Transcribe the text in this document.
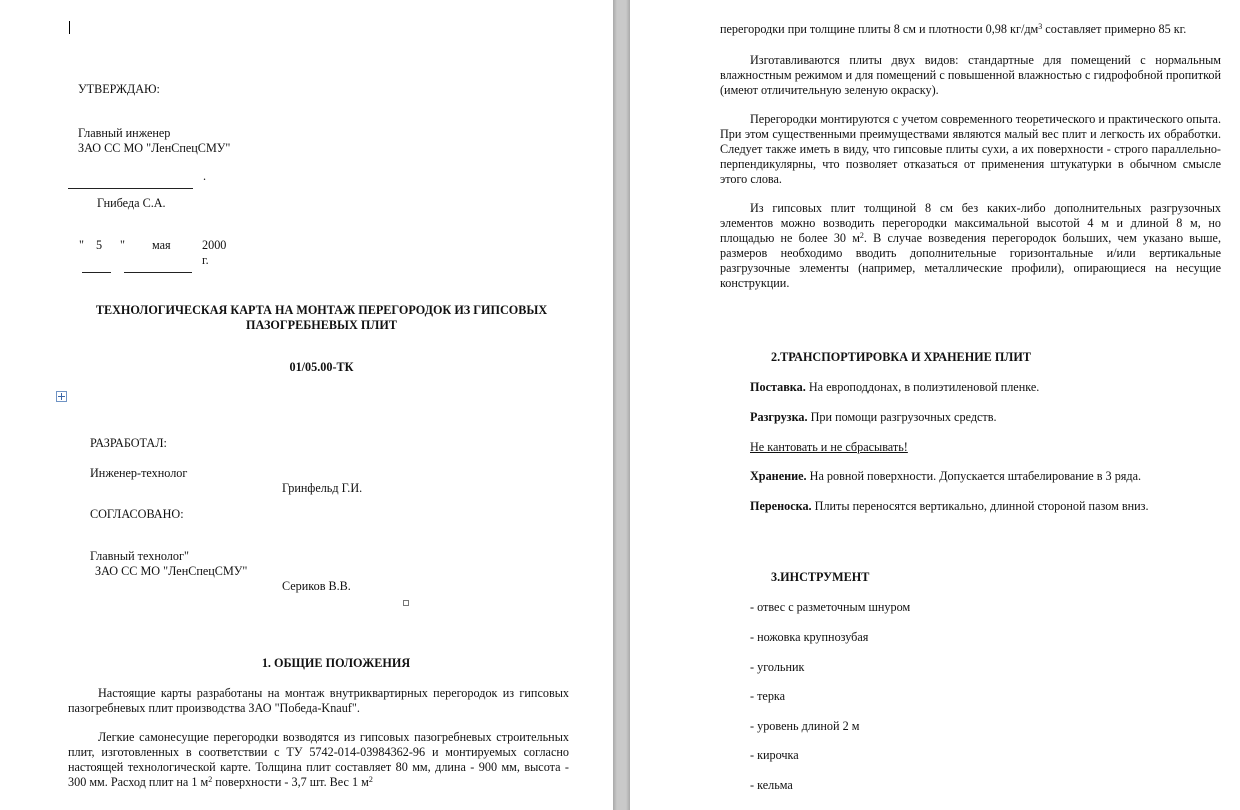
УТВЕРЖДАЮ:
Главный инженер
ЗАО СС МО "ЛенСпецСМУ"
.
Гнибеда С.А.
" 5 " мая	2000
г.
ТЕХНОЛОГИЧЕСКАЯ КАРТА НА МОНТАЖ ПЕРЕГОРОДОК ИЗ ГИПСОВЫХ
ПАЗОГРЕБНЕВЫХ ПЛИТ
01/05.00-ТК
РАЗРАБОТАЛ:
Инженер-технолог
Гринфельд Г.И.
СОГЛАСОВАНО:
Главный технолог"
ЗАО СС МО "ЛенСпецСМУ"
Сериков В.В.
1. ОБЩИЕ ПОЛОЖЕНИЯ
Настоящие карты разработаны на монтаж внутриквартирных перегородок из гипсовых пазогребневых плит производства ЗАО "Победа-Knauf".
Легкие самонесущие перегородки возводятся из гипсовых пазогребневых строительных плит, изготовленных в соответствии с ТУ 5742-014-03984362-96 и монтируемых согласно настоящей технологической карте. Толщина плит составляет 80 мм, длина - 900 мм, высота - 300 мм. Расход плит на 1 $м^2$ поверхности - 3,7 шт. Вес 1 $м^2$
перегородки при толщине плиты 8 см и плотности 0,98 $кг/дм^3$ составляет примерно 85 кг.
Изготавливаются плиты двух видов: стандартные для помещений с нормальным влажностным режимом и для помещений с повышенной влажностью с гидрофобной пропиткой (имеют отличительную зеленую окраску).
Перегородки монтируются с учетом современного теоретического и практического опыта. При этом существенными преимуществами являются малый вес плит и легкость их обработки. Следует также иметь в виду, что гипсовые плиты сухи, а их поверхности - строго параллельно-перпендикулярны, что позволяет отказаться от применения штукатурки в обычном смысле этого слова.
Из гипсовых плит толщиной 8 см без каких-либо дополнительных разгрузочных элементов можно возводить перегородки максимальной высотой 4 м и длиной 8 м, но площадью не более 30 $м^2$. В случае возведения перегородок больших, чем указано выше, размеров необходимо вводить дополнительные горизонтальные и/или вертикальные разгрузочные элементы (например, металлические профили), опирающиеся на несущие конструкции.
2.ТРАНСПОРТИРОВКА И ХРАНЕНИЕ ПЛИТ
Поставка. На европоддонах, в полиэтиленовой пленке.
Разгрузка. При помощи разгрузочных средств.
Не кантовать и не сбрасывать!
Хранение. На ровной поверхности. Допускается штабелирование в 3 ряда.
Переноска. Плиты переносятся вертикально, длинной стороной пазом вниз.
3.ИНСТРУМЕНТ
- отвес с разметочным шнуром
- ножовка крупнозубая
- угольник
- терка
- уровень длиной 2 м
- кирочка
- кельма
